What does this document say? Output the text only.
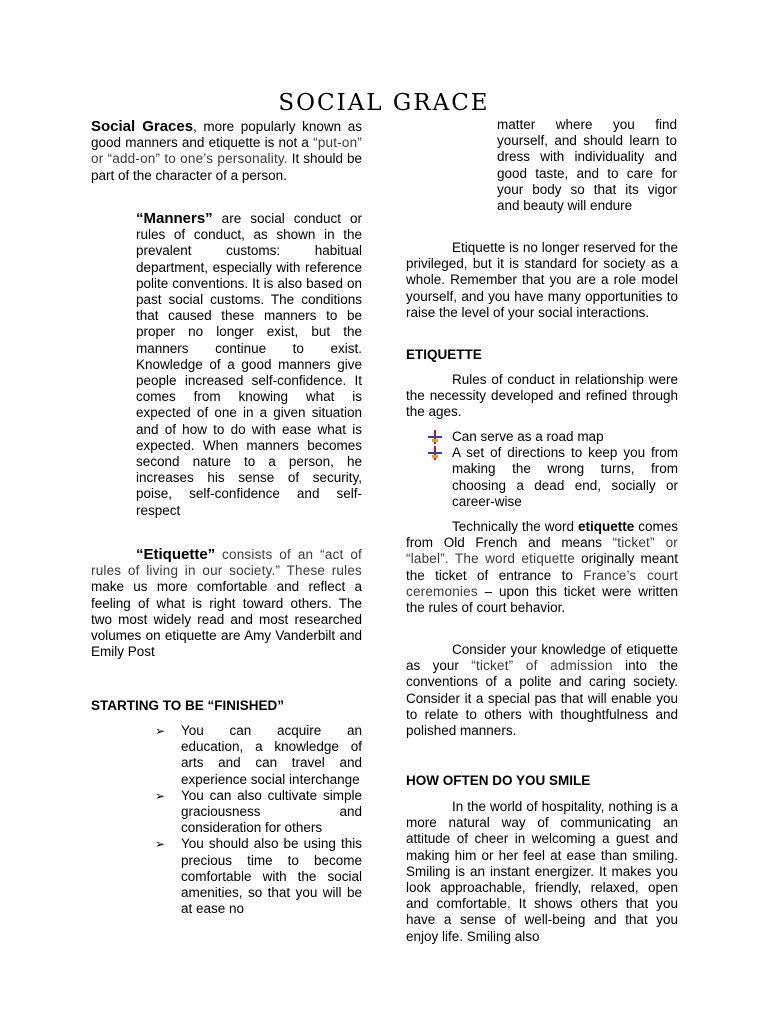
SOCIAL GRACE

Social Graces, more popularly known as good manners and etiquette is not a “put-on” or “add-on” to one’s personality. It should be part of the character of a person.

“Manners” are social conduct or rules of conduct, as shown in the prevalent customs: habitual department, especially with reference polite conventions. It is also based on past social customs. The conditions that caused these manners to be proper no longer exist, but the manners continue to exist. Knowledge of a good manners give people increased self-confidence. It comes from knowing what is expected of one in a given situation and of how to do with ease what is expected. When manners becomes second nature to a person, he increases his sense of security, poise, self-confidence and self-respect

“Etiquette” consists of an “act of rules of living in our society.” These rules make us more comfortable and reflect a feeling of what is right toward others. The two most widely read and most researched volumes on etiquette are Amy Vanderbilt and Emily Post

STARTING TO BE “FINISHED”
➢ You can acquire an education, a knowledge of arts and can travel and experience social interchange
➢ You can also cultivate simple graciousness and consideration for others
➢ You should also be using this precious time to become comfortable with the social amenities, so that you will be at ease no

matter where you find yourself, and should learn to dress with individuality and good taste, and to care for your body so that its vigor and beauty will endure

Etiquette is no longer reserved for the privileged, but it is standard for society as a whole. Remember that you are a role model yourself, and you have many opportunities to raise the level of your social interactions.

ETIQUETTE

Rules of conduct in relationship were the necessity developed and refined through the ages.

Can serve as a road map
A set of directions to keep you from making the wrong turns, from choosing a dead end, socially or career-wise

Technically the word etiquette comes from Old French and means “ticket” or “label”. The word etiquette originally meant the ticket of entrance to France’s court ceremonies – upon this ticket were written the rules of court behavior.

Consider your knowledge of etiquette as your “ticket” of admission into the conventions of a polite and caring society. Consider it a special pas that will enable you to relate to others with thoughtfulness and polished manners.

HOW OFTEN DO YOU SMILE

In the world of hospitality, nothing is a more natural way of communicating an attitude of cheer in welcoming a guest and making him or her feel at ease than smiling. Smiling is an instant energizer. It makes you look approachable, friendly, relaxed, open and comfortable. It shows others that you have a sense of well-being and that you enjoy life. Smiling also
